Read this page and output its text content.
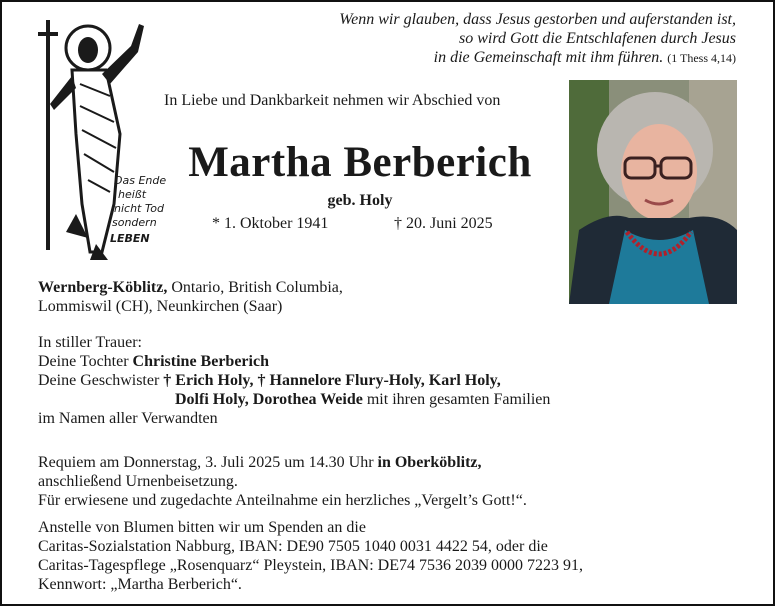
Das Ende
heißt
nicht Tod
sondern
LEBEN
Wenn wir glauben, dass Jesus gestorben und auferstanden ist,
so wird Gott die Entschlafenen durch Jesus
in die Gemeinschaft mit ihm führen. (1 Thess 4,14)
In Liebe und Dankbarkeit nehmen wir Abschied von
Martha Berberich
geb. Holy
* 1. Oktober 1941	† 20. Juni 2025
Wernberg-Köblitz, Ontario, British Columbia,
Lommiswil (CH), Neunkirchen (Saar)
In stiller Trauer:
Deine Tochter Christine Berberich
Deine Geschwister † Erich Holy, † Hannelore Flury-Holy, Karl Holy,
Dolfi Holy, Dorothea Weide mit ihren gesamten Familien
im Namen aller Verwandten
Requiem am Donnerstag, 3. Juli 2025 um 14.30 Uhr in Oberköblitz,
anschließend Urnenbeisetzung.
Für erwiesene und zugedachte Anteilnahme ein herzliches „Vergelt’s Gott!“.
Anstelle von Blumen bitten wir um Spenden an die
Caritas-Sozialstation Nabburg, IBAN: DE90 7505 1040 0031 4422 54, oder die
Caritas-Tagespflege „Rosenquarz“ Pleystein, IBAN: DE74 7536 2039 0000 7223 91,
Kennwort: „Martha Berberich“.
